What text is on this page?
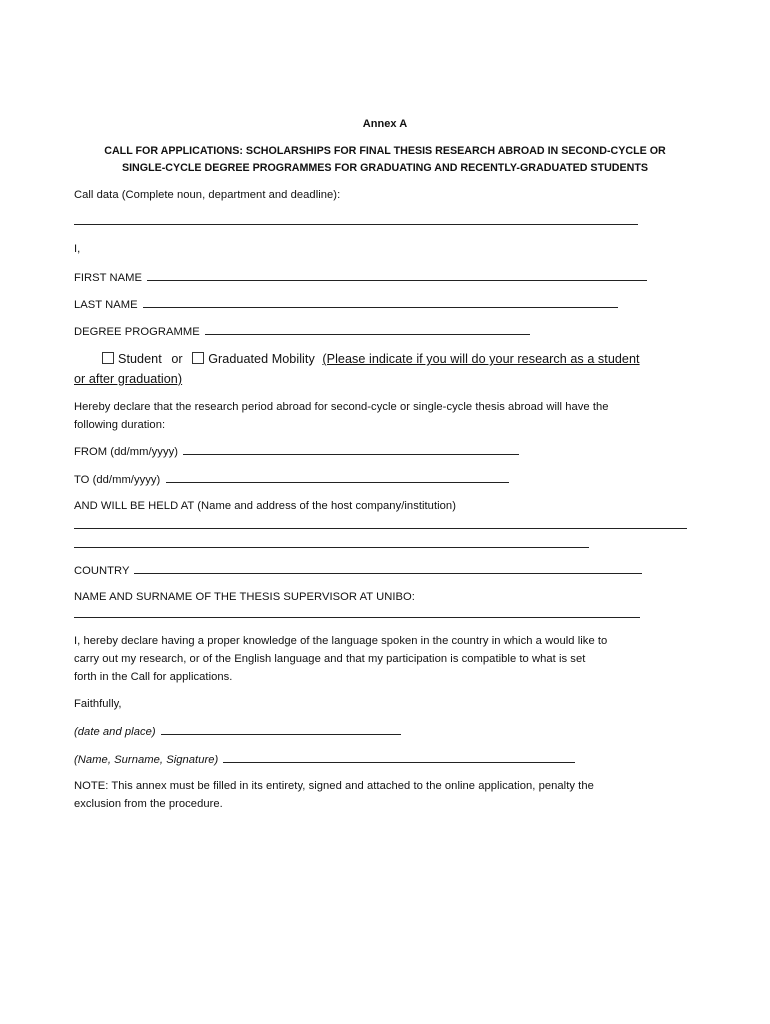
Annex A
CALL FOR APPLICATIONS: SCHOLARSHIPS FOR FINAL THESIS RESEARCH ABROAD IN SECOND-CYCLE OR
SINGLE-CYCLE DEGREE PROGRAMMES FOR GRADUATING AND RECENTLY-GRADUATED STUDENTS
Call data (Complete noun, department and deadline):
I,
FIRST NAME
LAST NAME
DEGREE PROGRAMME
Student or Graduated Mobility (Please indicate if you will do your research as a student
or after graduation)
Hereby declare that the research period abroad for second-cycle or single-cycle thesis abroad will have the
following duration:
FROM (dd/mm/yyyy)
TO (dd/mm/yyyy)
AND WILL BE HELD AT (Name and address of the host company/institution)
COUNTRY
NAME AND SURNAME OF THE THESIS SUPERVISOR AT UNIBO:
I, hereby declare having a proper knowledge of the language spoken in the country in which a would like to
carry out my research, or of the English language and that my participation is compatible to what is set
forth in the Call for applications.
Faithfully,
(date and place)
(Name, Surname, Signature)
NOTE: This annex must be filled in its entirety, signed and attached to the online application, penalty the
exclusion from the procedure.
